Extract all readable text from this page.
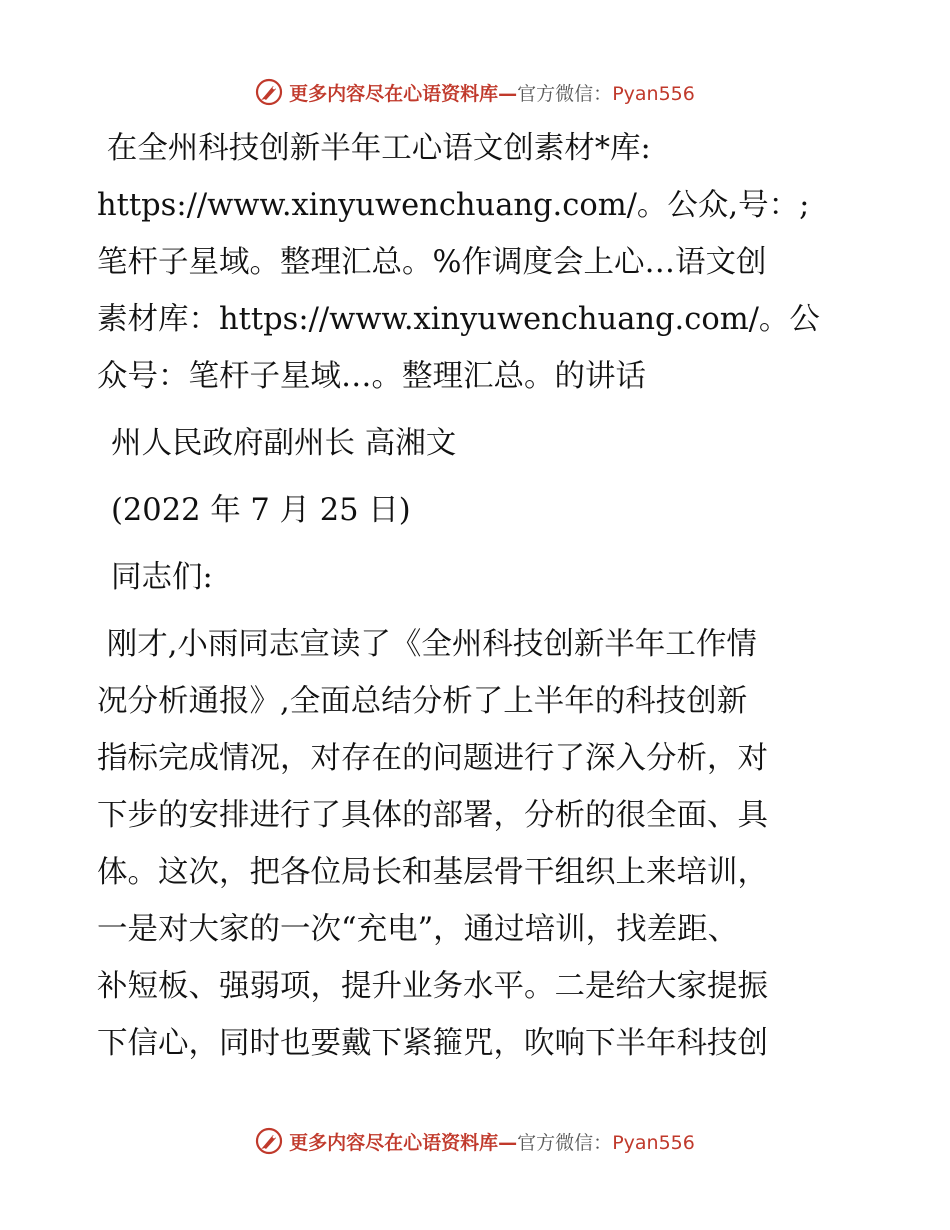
更多内容尽在心语资料库—官方微信：Pyan556

在全州科技创新半年工心语文创素材*库:

https://www.xinyuwenchuang.com/。公众,号：;

笔杆子星域。整理汇总。%作调度会上心…语文创

素材库：https://www.xinyuwenchuang.com/。公

众号：笔杆子星域…。整理汇总。的讲话

州人民政府副州长 高湘文

(2022 年 7 月 25 日)

同志们:

刚才,小雨同志宣读了《全州科技创新半年工作情

况分析通报》,全面总结分析了上半年的科技创新

指标完成情况，对存在的问题进行了深入分析，对

下步的安排进行了具体的部署，分析的很全面、具

体。这次，把各位局长和基层骨干组织上来培训，

一是对大家的一次“充电”，通过培训，找差距、

补短板、强弱项，提升业务水平。二是给大家提振

下信心，同时也要戴下紧箍咒，吹响下半年科技创

更多内容尽在心语资料库—官方微信：Pyan556
